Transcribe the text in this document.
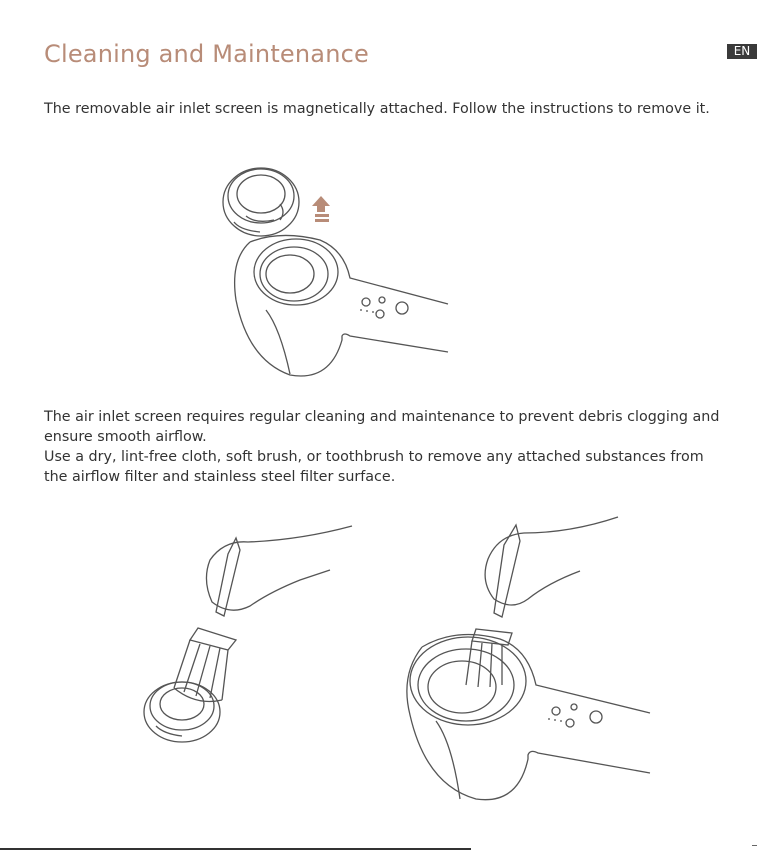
Cleaning and Maintenance	EN

The removable air inlet screen is magnetically attached. Follow the instructions to remove it.

The air inlet screen requires regular cleaning and maintenance to prevent debris clogging and ensure smooth airflow.

Use a dry, lint-free cloth, soft brush, or toothbrush to remove any attached substances from the airflow filter and stainless steel filter surface.
